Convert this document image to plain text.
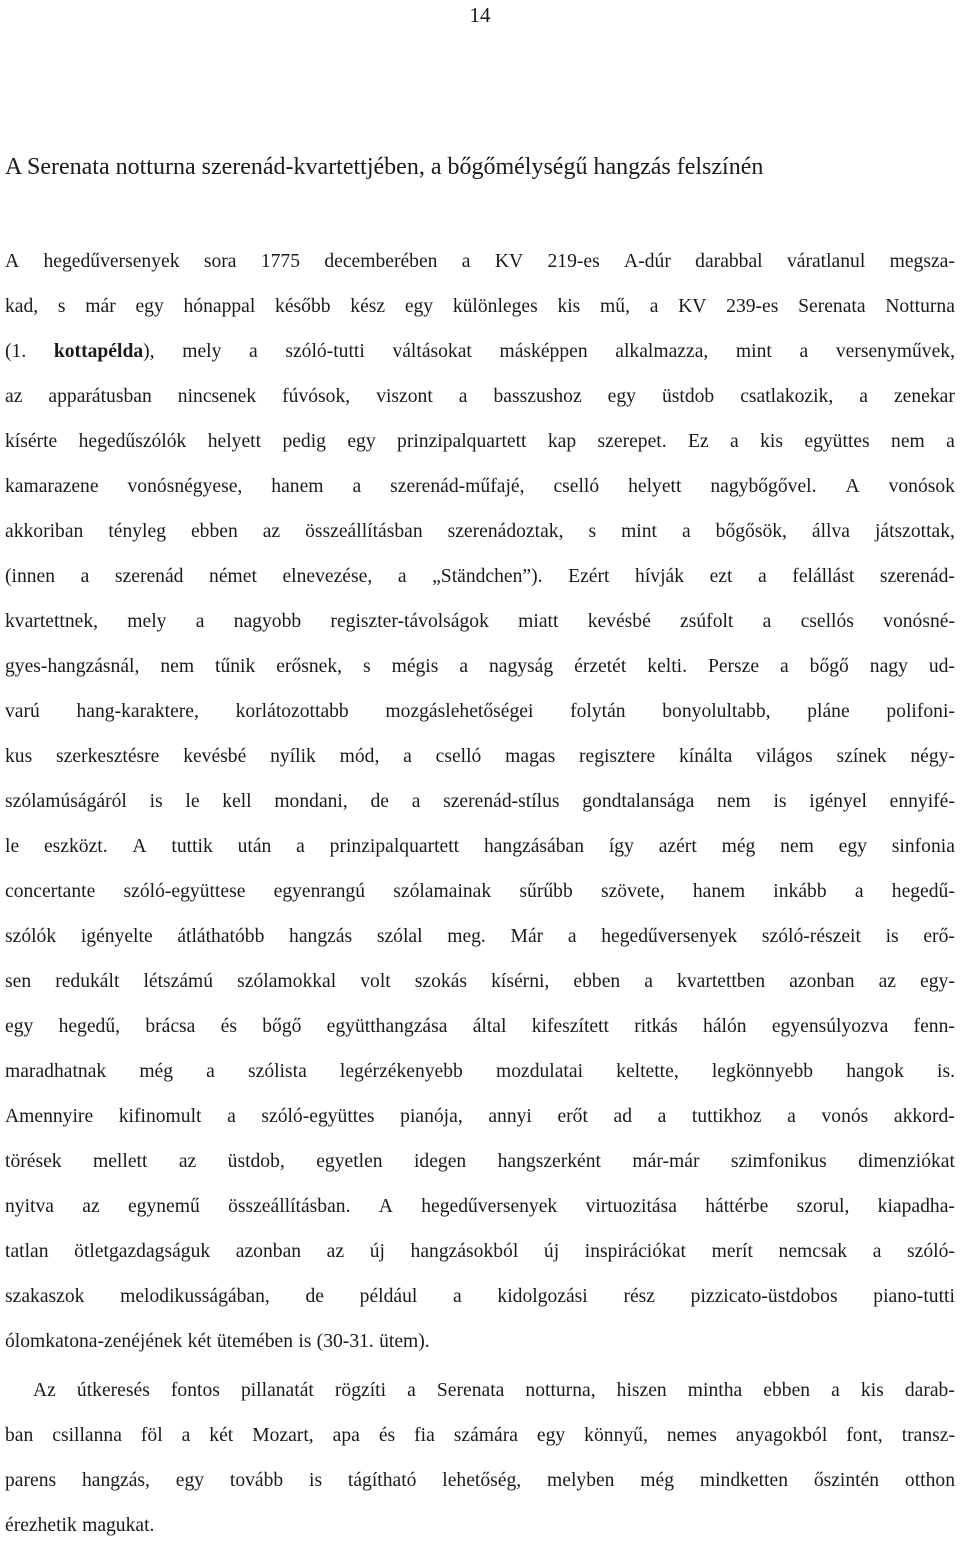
14
A Serenata notturna szerenád-kvartettjében, a bőgőmélységű hangzás felszínén
A hegedűversenyek sora 1775 decemberében a KV 219-es A-dúr darabbal váratlanul megsza-
kad, s már egy hónappal később kész egy különleges kis mű, a KV 239-es Serenata Notturna
(1. kottapélda), mely a szóló-tutti váltásokat másképpen alkalmazza, mint a versenyművek,
az apparátusban nincsenek fúvósok, viszont a basszushoz egy üstdob csatlakozik, a zenekar
kísérte hegedűszólók helyett pedig egy prinzipalquartett kap szerepet. Ez a kis együttes nem a
kamarazene vonósnégyese, hanem a szerenád-műfajé, cselló helyett nagybőgővel. A vonósok
akkoriban tényleg ebben az összeállításban szerenádoztak, s mint a bőgősök, állva játszottak,
(innen a szerenád német elnevezése, a „Ständchen”). Ezért hívják ezt a felállást szerenád-
kvartettnek, mely a nagyobb regiszter-távolságok miatt kevésbé zsúfolt a csellós vonósné-
gyes-hangzásnál, nem tűnik erősnek, s mégis a nagyság érzetét kelti. Persze a bőgő nagy ud-
varú hang-karaktere, korlátozottabb mozgáslehetőségei folytán bonyolultabb, pláne polifoni-
kus szerkesztésre kevésbé nyílik mód, a cselló magas regisztere kínálta világos színek négy-
szólamúságáról is le kell mondani, de a szerenád-stílus gondtalansága nem is igényel ennyifé-
le eszközt. A tuttik után a prinzipalquartett hangzásában így azért még nem egy sinfonia
concertante szóló-együttese egyenrangú szólamainak sűrűbb szövete, hanem inkább a hegedű-
szólók igényelte átláthatóbb hangzás szólal meg. Már a hegedűversenyek szóló-részeit is erő-
sen redukált létszámú szólamokkal volt szokás kísérni, ebben a kvartettben azonban az egy-
egy hegedű, brácsa és bőgő együtthangzása által kifeszített ritkás hálón egyensúlyozva fenn-
maradhatnak még a szólista legérzékenyebb mozdulatai keltette, legkönnyebb hangok is.
Amennyire kifinomult a szóló-együttes pianója, annyi erőt ad a tuttikhoz a vonós akkord-
törések mellett az üstdob, egyetlen idegen hangszerként már-már szimfonikus dimenziókat
nyitva az egynemű összeállításban. A hegedűversenyek virtuozitása háttérbe szorul, kiapadha-
tatlan ötletgazdagságuk azonban az új hangzásokból új inspirációkat merít nemcsak a szóló-
szakaszok melodikusságában, de például a kidolgozási rész pizzicato-üstdobos piano-tutti
ólomkatona-zenéjének két ütemében is (30-31. ütem).
Az útkeresés fontos pillanatát rögzíti a Serenata notturna, hiszen mintha ebben a kis darab-
ban csillanna föl a két Mozart, apa és fia számára egy könnyű, nemes anyagokból font, transz-
parens hangzás, egy tovább is tágítható lehetőség, melyben még mindketten őszintén otthon
érezhetik magukat.
